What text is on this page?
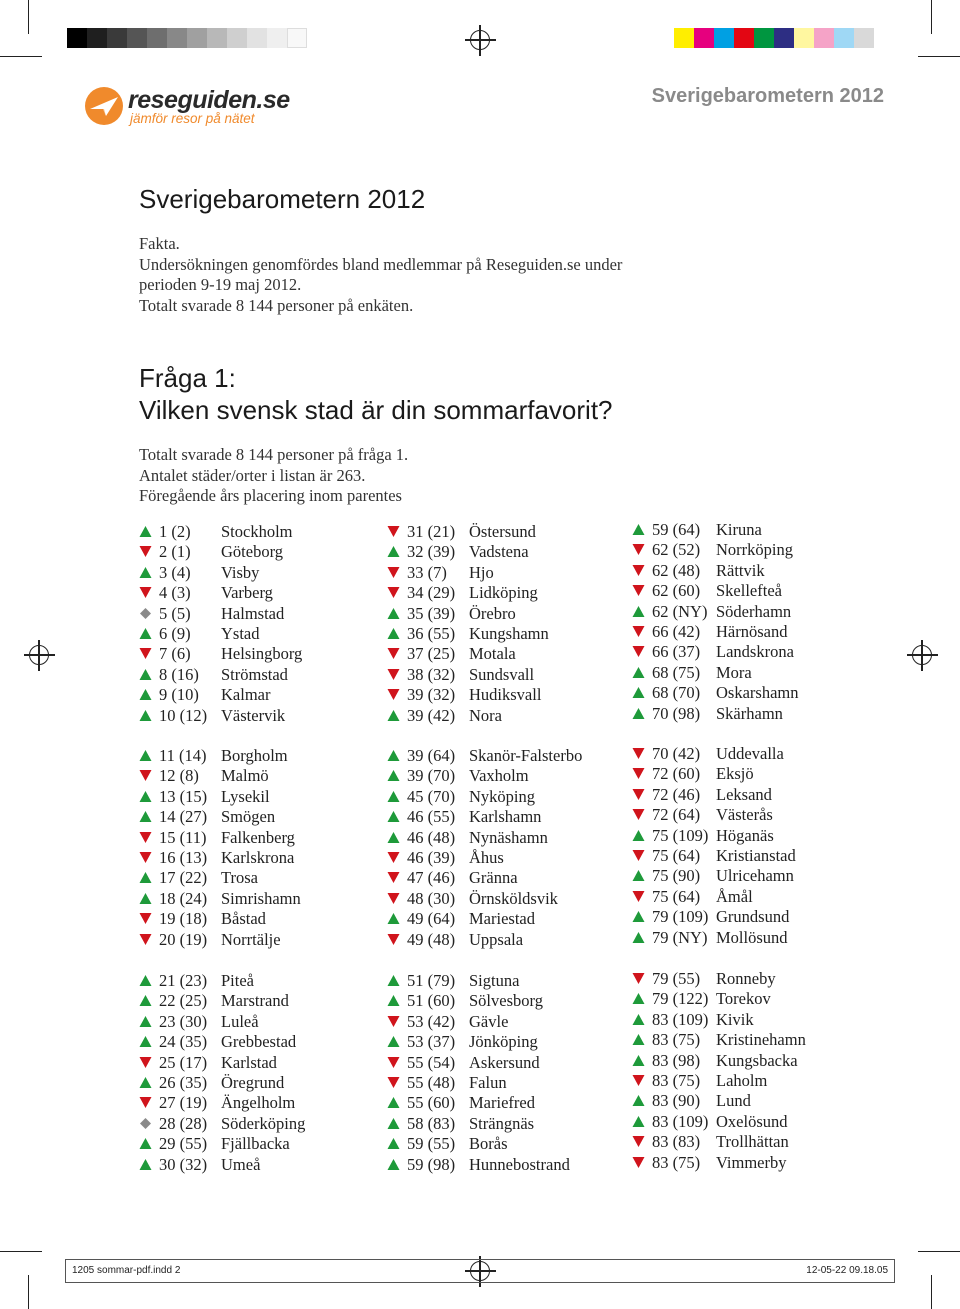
reseguiden.se
jämför resor på nätet
Sverigebarometern 2012
Sverigebarometern 2012
Fakta.
Undersökningen genomfördes bland medlemmar på Reseguiden.se under
perioden 9-19 maj 2012.
Totalt svarade 8 144 personer på enkäten.
Fråga 1:
Vilken svensk stad är din sommarfavorit?
Totalt svarade 8 144 personer på fråga 1.
Antalet städer/orter i listan är 263.
Föregående års placering inom parentes
1 (2) Stockholm
2 (1) Göteborg
3 (4) Visby
4 (3) Varberg
5 (5) Halmstad
6 (9) Ystad
7 (6) Helsingborg
8 (16) Strömstad
9 (10) Kalmar
10 (12) Västervik
11 (14) Borgholm
12 (8) Malmö
13 (15) Lysekil
14 (27) Smögen
15 (11) Falkenberg
16 (13) Karlskrona
17 (22) Trosa
18 (24) Simrishamn
19 (18) Båstad
20 (19) Norrtälje
21 (23) Piteå
22 (25) Marstrand
23 (30) Luleå
24 (35) Grebbestad
25 (17) Karlstad
26 (35) Öregrund
27 (19) Ängelholm
28 (28) Söderköping
29 (55) Fjällbacka
30 (32) Umeå
31 (21) Östersund
32 (39) Vadstena
33 (7) Hjo
34 (29) Lidköping
35 (39) Örebro
36 (55) Kungshamn
37 (25) Motala
38 (32) Sundsvall
39 (32) Hudiksvall
39 (42) Nora
39 (64) Skanör-Falsterbo
39 (70) Vaxholm
45 (70) Nyköping
46 (55) Karlshamn
46 (48) Nynäshamn
46 (39) Åhus
47 (46) Gränna
48 (30) Örnsköldsvik
49 (64) Mariestad
49 (48) Uppsala
51 (79) Sigtuna
51 (60) Sölvesborg
53 (42) Gävle
53 (37) Jönköping
55 (54) Askersund
55 (48) Falun
55 (60) Mariefred
58 (83) Strängnäs
59 (55) Borås
59 (98) Hunnebostrand
59 (64) Kiruna
62 (52) Norrköping
62 (48) Rättvik
62 (60) Skellefteå
62 (NY) Söderhamn
66 (42) Härnösand
66 (37) Landskrona
68 (75) Mora
68 (70) Oskarshamn
70 (98) Skärhamn
70 (42) Uddevalla
72 (60) Eksjö
72 (46) Leksand
72 (64) Västerås
75 (109) Höganäs
75 (64) Kristianstad
75 (90) Ulricehamn
75 (64) Åmål
79 (109) Grundsund
79 (NY) Mollösund
79 (55) Ronneby
79 (122) Torekov
83 (109) Kivik
83 (75) Kristinehamn
83 (98) Kungsbacka
83 (75) Laholm
83 (90) Lund
83 (109) Oxelösund
83 (83) Trollhättan
83 (75) Vimmerby
1205 sommar-pdf.indd 2	12-05-22 09.18.05
